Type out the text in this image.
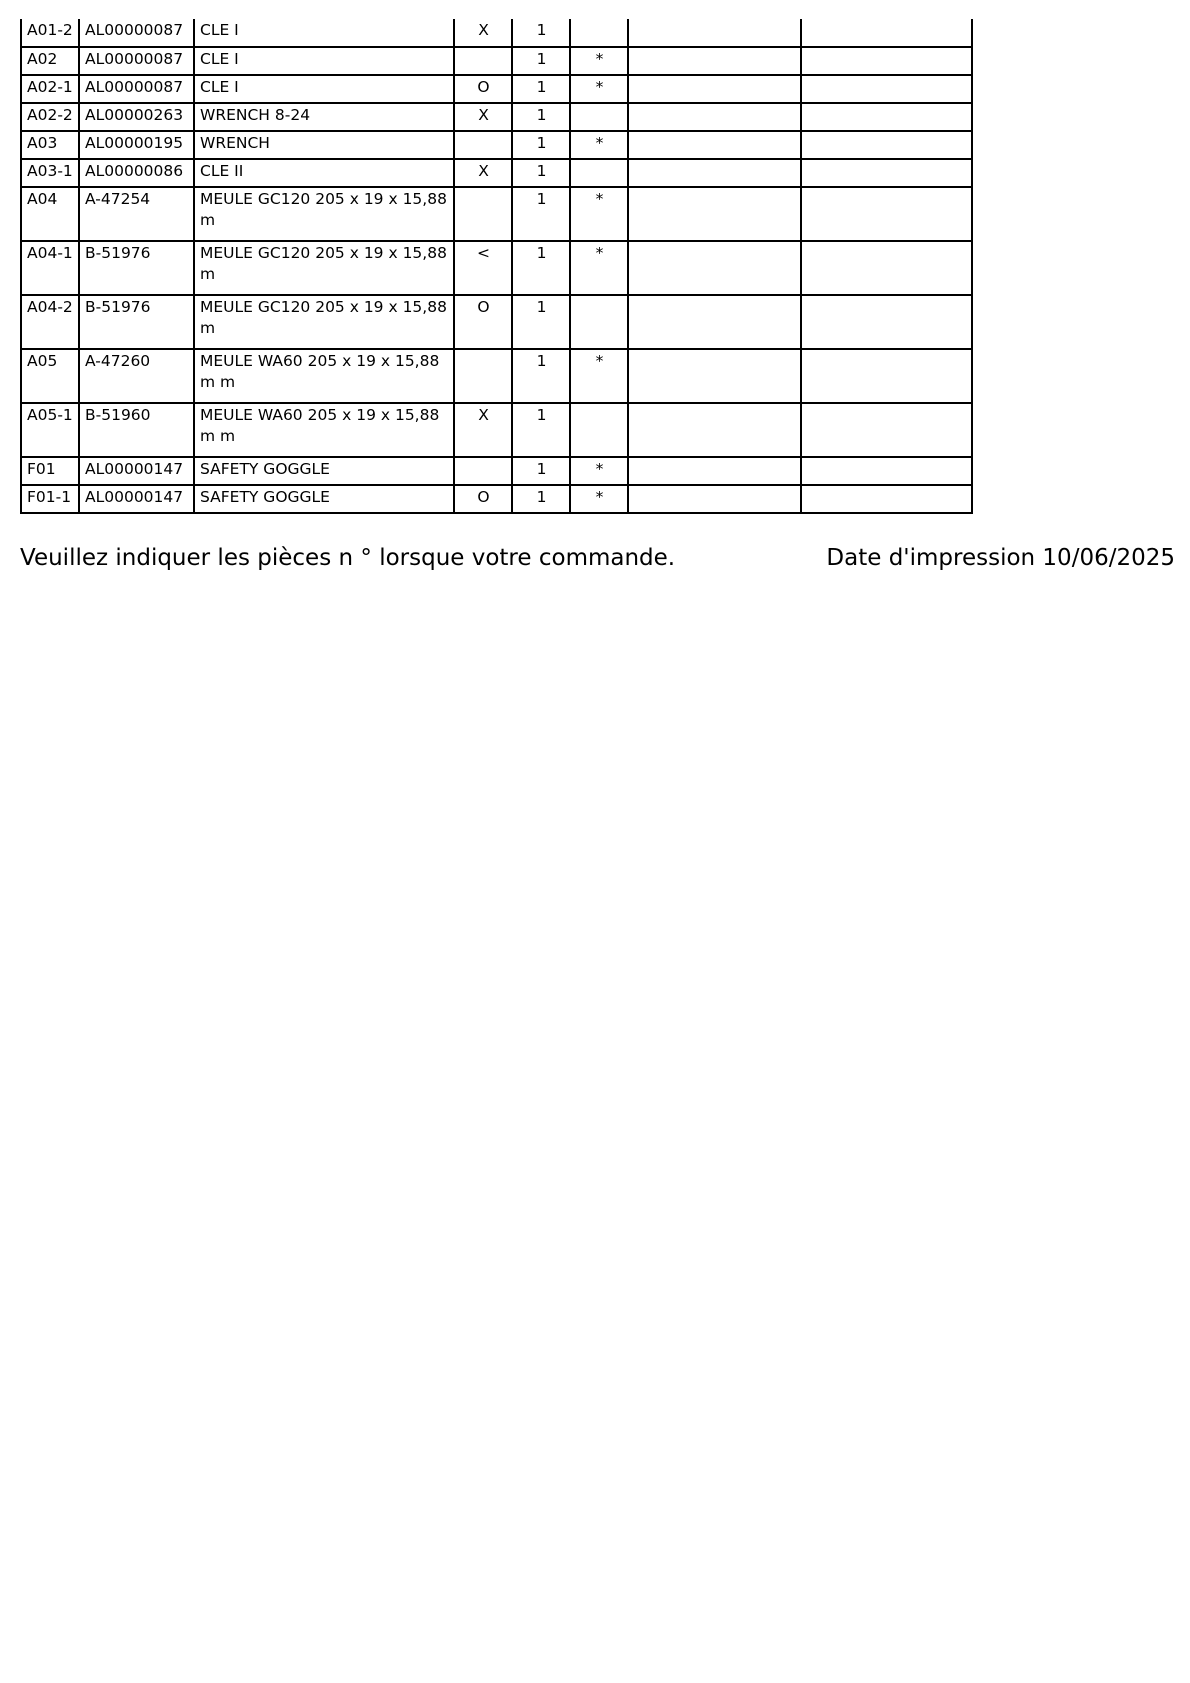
A01-2	AL00000087	CLE I	X	1			
A02	AL00000087	CLE I		1	*		
A02-1	AL00000087	CLE I	O	1	*		
A02-2	AL00000263	WRENCH 8-24	X	1			
A03	AL00000195	WRENCH		1	*		
A03-1	AL00000086	CLE II	X	1			
A04	A-47254	MEULE GC120 205 x 19 x 15,88 m		1	*		
A04-1	B-51976	MEULE GC120 205 x 19 x 15,88 m	<	1	*		
A04-2	B-51976	MEULE GC120 205 x 19 x 15,88 m	O	1			
A05	A-47260	MEULE WA60 205 x 19 x 15,88 m m		1	*		
A05-1	B-51960	MEULE WA60 205 x 19 x 15,88 m m	X	1			
F01	AL00000147	SAFETY GOGGLE		1	*		
F01-1	AL00000147	SAFETY GOGGLE	O	1	*		
Veuillez indiquer les pièces n ° lorsque votre commande.	Date d'impression 10/06/2025
